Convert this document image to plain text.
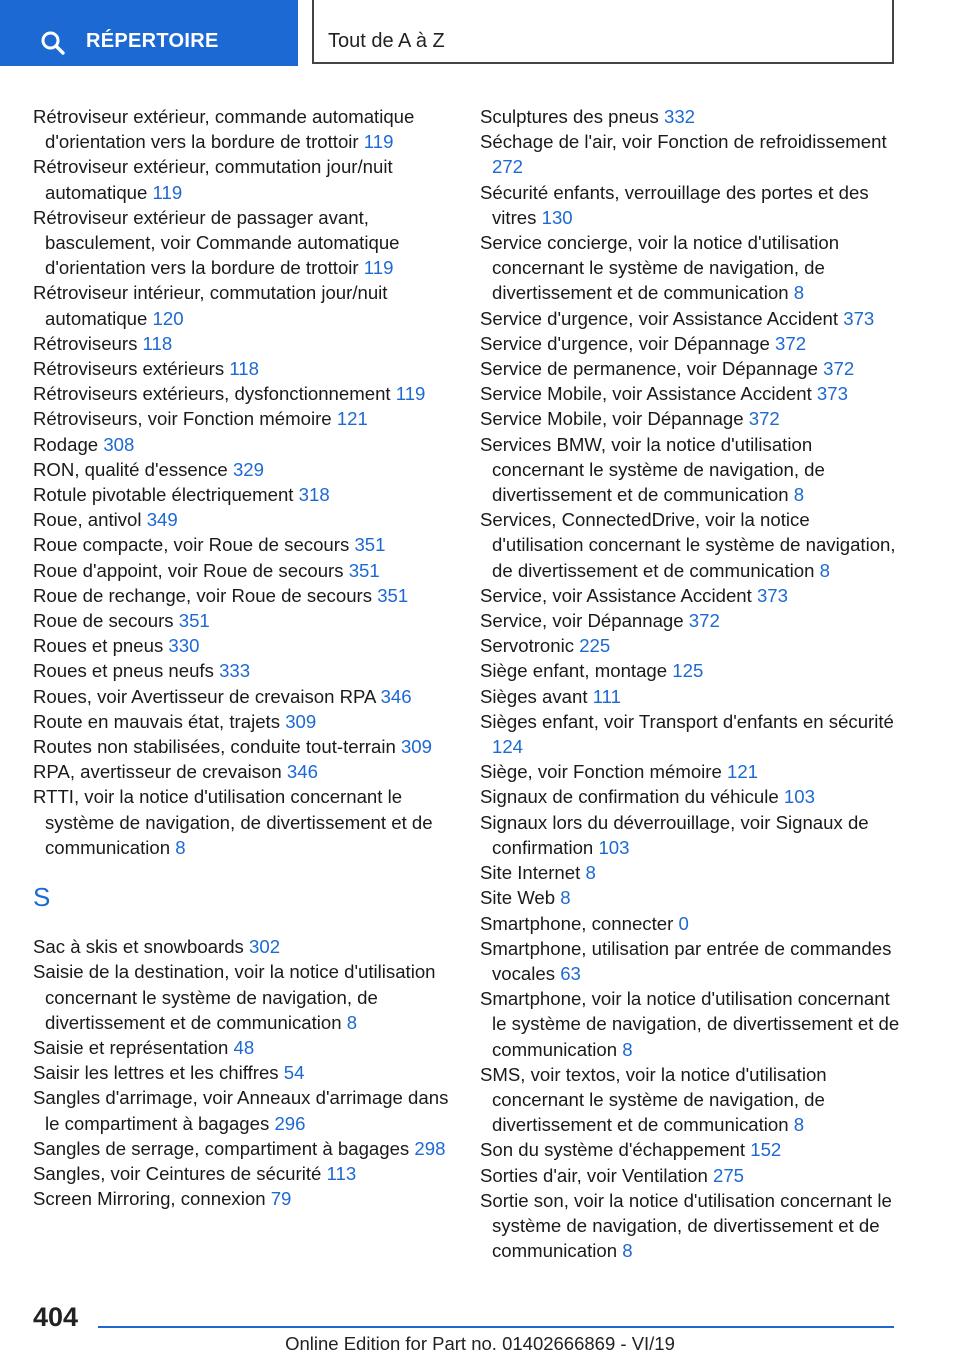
RÉPERTOIRE	Tout de A à Z

Rétroviseur extérieur, commande automatique d'orientation vers la bordure de trottoir 119

Rétroviseur extérieur, commutation jour/nuit automatique 119

Rétroviseur extérieur de passager avant, basculement, voir Commande automatique d'orientation vers la bordure de trottoir 119

Rétroviseur intérieur, commutation jour/nuit automatique 120

Rétroviseurs 118

Rétroviseurs extérieurs 118

Rétroviseurs extérieurs, dysfonctionnement 119

Rétroviseurs, voir Fonction mémoire 121

Rodage 308

RON, qualité d'essence 329

Rotule pivotable électriquement 318

Roue, antivol 349

Roue compacte, voir Roue de secours 351

Roue d'appoint, voir Roue de secours 351

Roue de rechange, voir Roue de secours 351

Roue de secours 351

Roues et pneus 330

Roues et pneus neufs 333

Roues, voir Avertisseur de crevaison RPA 346

Route en mauvais état, trajets 309

Routes non stabilisées, conduite tout-terrain 309

RPA, avertisseur de crevaison 346

RTTI, voir la notice d'utilisation concernant le système de navigation, de divertissement et de communication 8

S

Sac à skis et snowboards 302

Saisie de la destination, voir la notice d'utilisation concernant le système de navigation, de divertissement et de communication 8

Saisie et représentation 48

Saisir les lettres et les chiffres 54

Sangles d'arrimage, voir Anneaux d'arrimage dans le compartiment à bagages 296

Sangles de serrage, compartiment à bagages 298

Sangles, voir Ceintures de sécurité 113

Screen Mirroring, connexion 79

Sculptures des pneus 332

Séchage de l'air, voir Fonction de refroidissement 272

Sécurité enfants, verrouillage des portes et des vitres 130

Service concierge, voir la notice d'utilisation concernant le système de navigation, de divertissement et de communication 8

Service d'urgence, voir Assistance Accident 373

Service d'urgence, voir Dépannage 372

Service de permanence, voir Dépannage 372

Service Mobile, voir Assistance Accident 373

Service Mobile, voir Dépannage 372

Services BMW, voir la notice d'utilisation concernant le système de navigation, de divertissement et de communication 8

Services, ConnectedDrive, voir la notice d'utilisation concernant le système de navigation, de divertissement et de communication 8

Service, voir Assistance Accident 373

Service, voir Dépannage 372

Servotronic 225

Siège enfant, montage 125

Sièges avant 111

Sièges enfant, voir Transport d'enfants en sécurité 124

Siège, voir Fonction mémoire 121

Signaux de confirmation du véhicule 103

Signaux lors du déverrouillage, voir Signaux de confirmation 103

Site Internet 8

Site Web 8

Smartphone, connecter 0

Smartphone, utilisation par entrée de commandes vocales 63

Smartphone, voir la notice d'utilisation concernant le système de navigation, de divertissement et de communication 8

SMS, voir textos, voir la notice d'utilisation concernant le système de navigation, de divertissement et de communication 8

Son du système d'échappement 152

Sorties d'air, voir Ventilation 275

Sortie son, voir la notice d'utilisation concernant le système de navigation, de divertissement et de communication 8

404
Online Edition for Part no. 01402666869 - VI/19
